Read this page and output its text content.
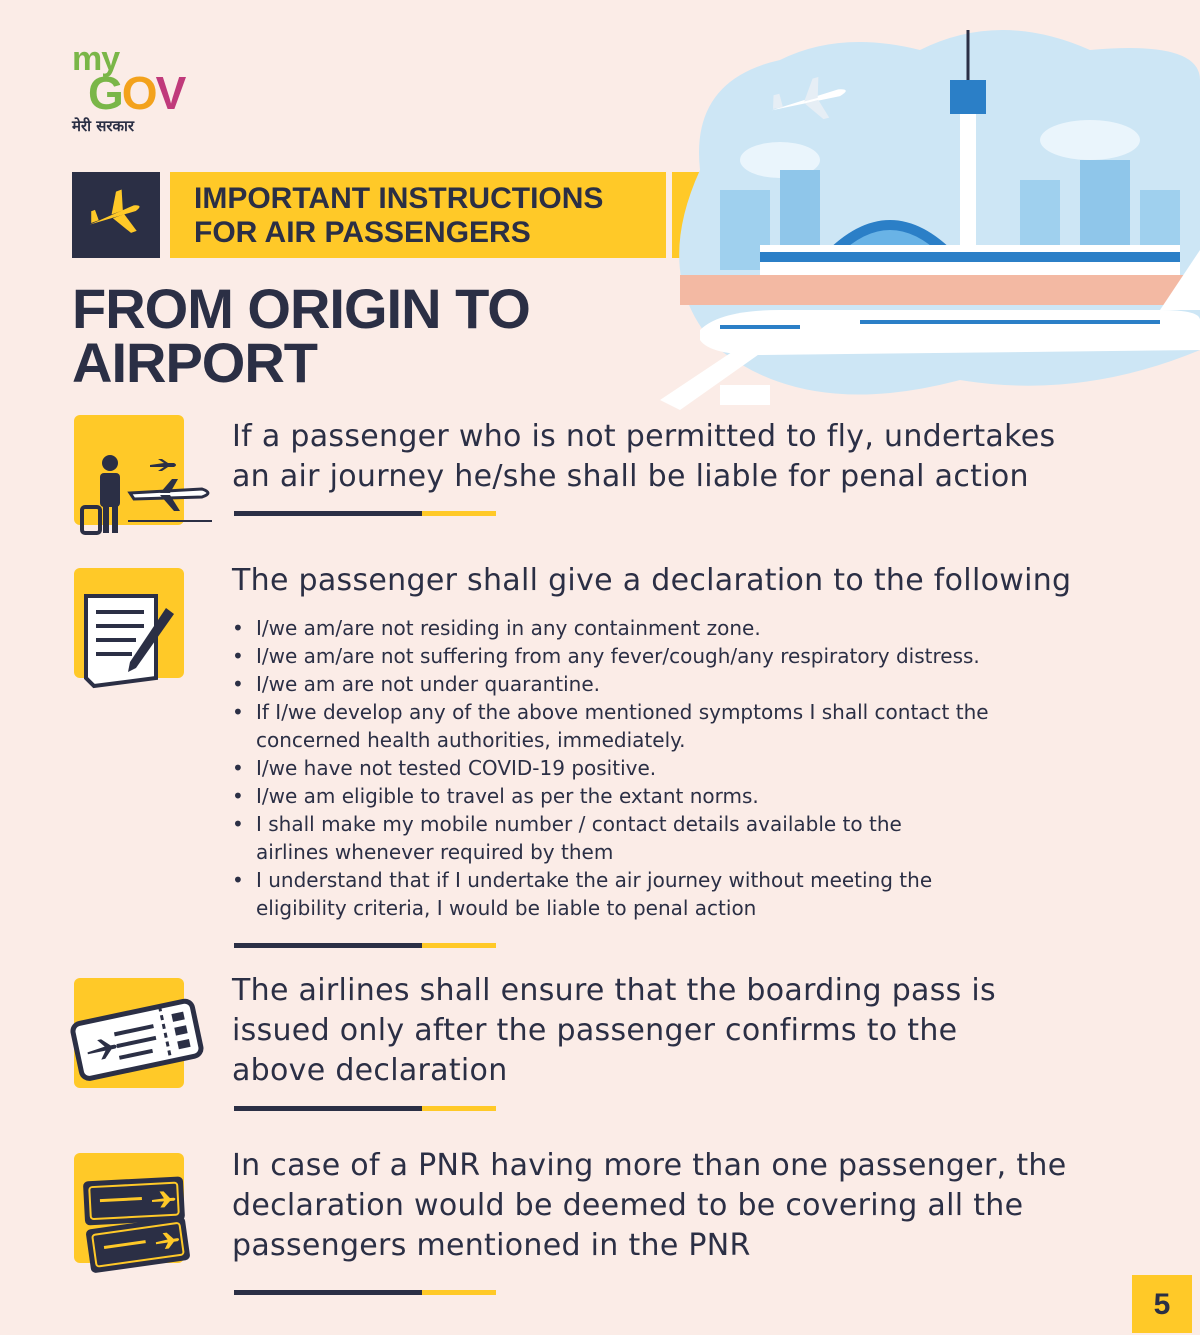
my
GOV
मेरी सरकार
IMPORTANT INSTRUCTIONS
FOR AIR PASSENGERS
FROM ORIGIN TO
AIRPORT
If a passenger who is not permitted to fly, undertakes
an air journey he/she shall be liable for penal action
The passenger shall give a declaration to the following
• I/we am/are not residing in any containment zone.
• I/we am/are not suffering from any fever/cough/any respiratory distress.
• I/we am are not under quarantine.
• If I/we develop any of the above mentioned symptoms I shall contact the
concerned health authorities, immediately.
• I/we have not tested COVID-19 positive.
• I/we am eligible to travel as per the extant norms.
• I shall make my mobile number / contact details available to the
airlines whenever required by them
• I understand that if I undertake the air journey without meeting the
eligibility criteria, I would be liable to penal action
The airlines shall ensure that the boarding pass is
issued only after the passenger confirms to the
above declaration
In case of a PNR having more than one passenger, the
declaration would be deemed to be covering all the
passengers mentioned in the PNR
5
